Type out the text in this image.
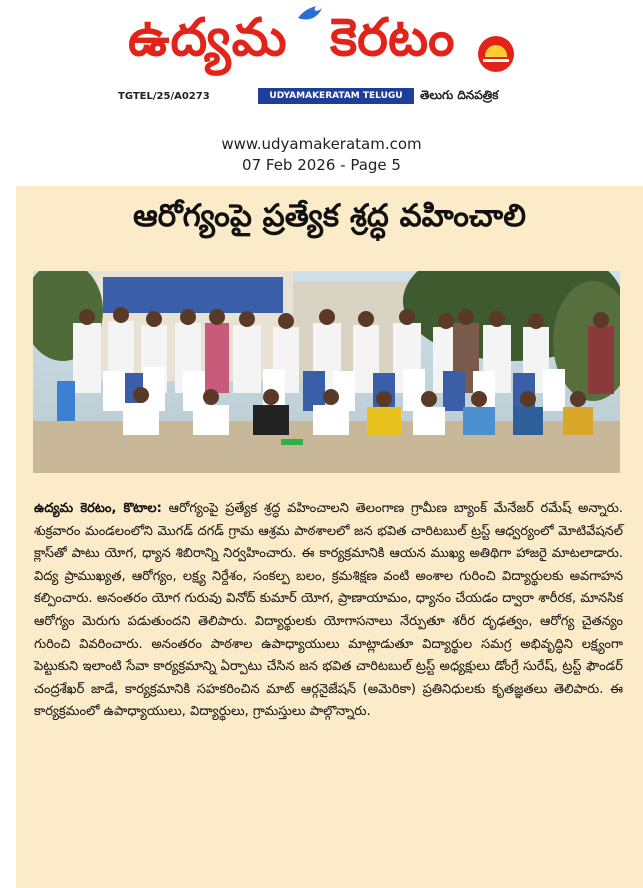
ఉద్యమ కెరటం
TGTEL/25/A0273	UDYAMAKERATAM TELUGU DAILY
తెలుగు దినపత్రిక
www.udyamakeratam.com
07 Feb 2026 - Page 5
ఆరోగ్యంపై ప్రత్యేక శ్రద్ధ వహించాలి
ఉద్యమ కెరటం, కొటాల: ఆరోగ్యంపై ప్రత్యేక శ్రద్ధ వహించాలని తెలంగాణ గ్రామీణ బ్యాంక్ మేనేజర్ రమేష్ అన్నారు. శుక్రవారం మండలంలోని మొగడ్ దగడ్ గ్రామ ఆశ్రమ పాఠశాలలో జన భవిత చారిటబుల్ ట్రస్ట్ ఆధ్వర్యంలో మోటివేషనల్ క్లాస్‌తో పాటు యోగ, ధ్యాన శిబిరాన్ని నిర్వహించారు. ఈ కార్యక్రమానికి ఆయన ముఖ్య అతిథిగా హాజరై మాటలాడారు. విద్య ప్రాముఖ్యత, ఆరోగ్యం, లక్ష్య నిర్దేశం, సంకల్ప బలం, క్రమశిక్షణ వంటి అంశాల గురించి విద్యార్థులకు అవగాహన కల్పించారు. అనంతరం యోగ గురువు వినోద్ కుమార్ యోగ, ప్రాణాయామం, ధ్యానం చేయడం ద్వారా శారీరక, మానసిక ఆరోగ్యం మెరుగు పడుతుందని తెలిపారు. విద్యార్థులకు యోగాసనాలు నేర్పుతూ శరీర దృఢత్వం, ఆరోగ్య చైతన్యం గురించి వివరించారు. అనంతరం పాఠశాల ఉపాధ్యాయులు మాట్లాడుతూ విద్యార్థుల సమగ్ర అభివృద్ధిని లక్ష్యంగా పెట్టుకుని ఇలాంటి సేవా కార్యక్రమాన్ని ఏర్పాటు చేసిన జన భవిత చారిటబుల్ ట్రస్ట్ అధ్యక్షులు డోంగ్రే సురేష్, ట్రస్ట్ ఫౌండర్ చంద్రశేఖర్ జాడే, కార్యక్రమానికి సహకరించిన మాట్ ఆర్గనైజేషన్ (అమెరికా) ప్రతినిధులకు కృతజ్ఞతలు తెలిపారు. ఈ కార్యక్రమంలో ఉపాధ్యాయులు, విద్యార్థులు, గ్రామస్తులు పాల్గొన్నారు.
